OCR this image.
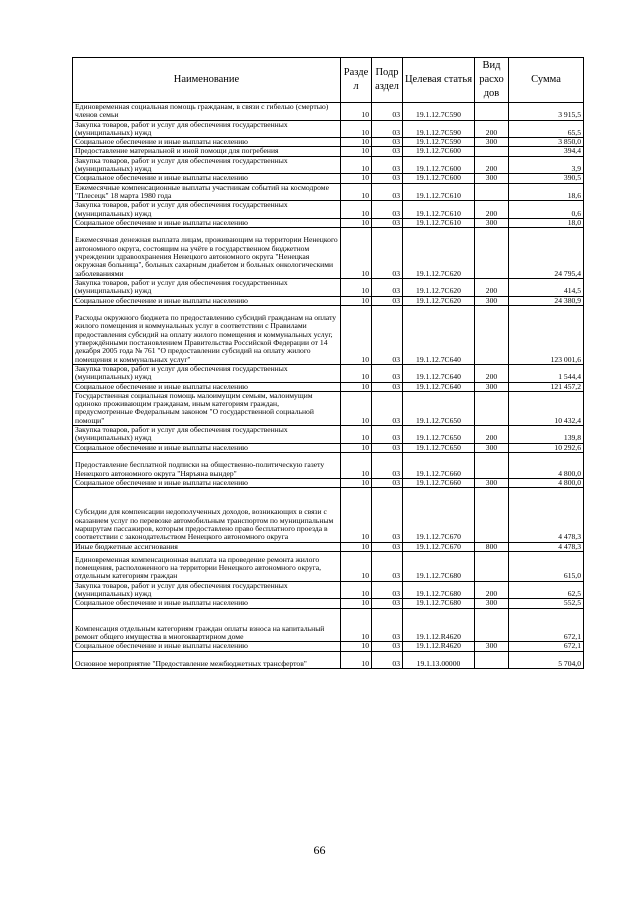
Наименование	Разде л	Подр аздел	Целевая статья	Вид расхо дов	Сумма
Единовременная социальная помощь гражданам, в связи с гибелью (смертью) членов семьи	10	03	19.1.12.7С590		3 915,5
Закупка товаров, работ и услуг для обеспечения государственных (муниципальных) нужд	10	03	19.1.12.7С590	200	65,5
Социальное обеспечение и иные выплаты населению	10	03	19.1.12.7С590	300	3 850,0
Предоставление материальной и иной помощи для погребения	10	03	19.1.12.7С600		394,4
Закупка товаров, работ и услуг для обеспечения государственных (муниципальных) нужд	10	03	19.1.12.7С600	200	3,9
Социальное обеспечение и иные выплаты населению	10	03	19.1.12.7С600	300	390,5
Ежемесячные компенсационные выплаты участникам событий на космодроме "Плесецк" 18 марта 1980 года	10	03	19.1.12.7С610		18,6
Закупка товаров, работ и услуг для обеспечения государственных (муниципальных) нужд	10	03	19.1.12.7С610	200	0,6
Социальное обеспечение и иные выплаты населению	10	03	19.1.12.7С610	300	18,0
Ежемесячная денежная выплата лицам, проживающим на территории Ненецкого автономного округа, состоящим на учёте в государственном бюджетном учреждении здравоохранения Ненецкого автономного округа "Ненецкая окружная больница", больных сахарным диабетом и больных онкологическими заболеваниями	10	03	19.1.12.7С620		24 795,4
Закупка товаров, работ и услуг для обеспечения государственных (муниципальных) нужд	10	03	19.1.12.7С620	200	414,5
Социальное обеспечение и иные выплаты населению	10	03	19.1.12.7С620	300	24 380,9
Расходы окружного бюджета по предоставлению субсидий гражданам на оплату жилого помещения и коммунальных услуг в соответствии с Правилами предоставления субсидий на оплату жилого помещения и коммунальных услуг, утверждёнными постановлением Правительства Российской Федерации от 14 декабря 2005 года № 761 "О предоставлении субсидий на оплату жилого помещения и коммунальных услуг"	10	03	19.1.12.7С640		123 001,6
Закупка товаров, работ и услуг для обеспечения государственных (муниципальных) нужд	10	03	19.1.12.7С640	200	1 544,4
Социальное обеспечение и иные выплаты населению	10	03	19.1.12.7С640	300	121 457,2
Государственная социальная помощь малоимущим семьям, малоимущим одиноко проживающим гражданам, иным категориям граждан, предусмотренные Федеральным законом "О государственной социальной помощи"	10	03	19.1.12.7С650		10 432,4
Закупка товаров, работ и услуг для обеспечения государственных (муниципальных) нужд	10	03	19.1.12.7С650	200	139,8
Социальное обеспечение и иные выплаты населению	10	03	19.1.12.7С650	300	10 292,6
Предоставление бесплатной подписки на общественно-политическую газету Ненецкого автономного округа "Няръяна вындер"	10	03	19.1.12.7С660		4 800,0
Социальное обеспечение и иные выплаты населению	10	03	19.1.12.7С660	300	4 800,0
Субсидии для компенсации недополученных доходов, возникающих в связи с оказанием услуг по перевозке автомобильным транспортом по муниципальным маршрутам пассажиров, которым предоставлено право бесплатного проезда в соответствии с законодательством Ненецкого автономного округа	10	03	19.1.12.7С670		4 478,3
Иные бюджетные ассигнования	10	03	19.1.12.7С670	800	4 478,3
Единовременная компенсационная выплата на проведение ремонта жилого помещения, расположенного на территории Ненецкого автономного округа, отдельным категориям граждан	10	03	19.1.12.7С680		615,0
Закупка товаров, работ и услуг для обеспечения государственных (муниципальных) нужд	10	03	19.1.12.7С680	200	62,5
Социальное обеспечение и иные выплаты населению	10	03	19.1.12.7С680	300	552,5
Компенсация отдельным категориям граждан оплаты взноса на капитальный ремонт общего имущества в многоквартирном доме	10	03	19.1.12.R4620		672,1
Социальное обеспечение и иные выплаты населению	10	03	19.1.12.R4620	300	672,1
Основное мероприятие "Предоставление межбюджетных трансфертов"	10	03	19.1.13.00000		5 704,0
66
